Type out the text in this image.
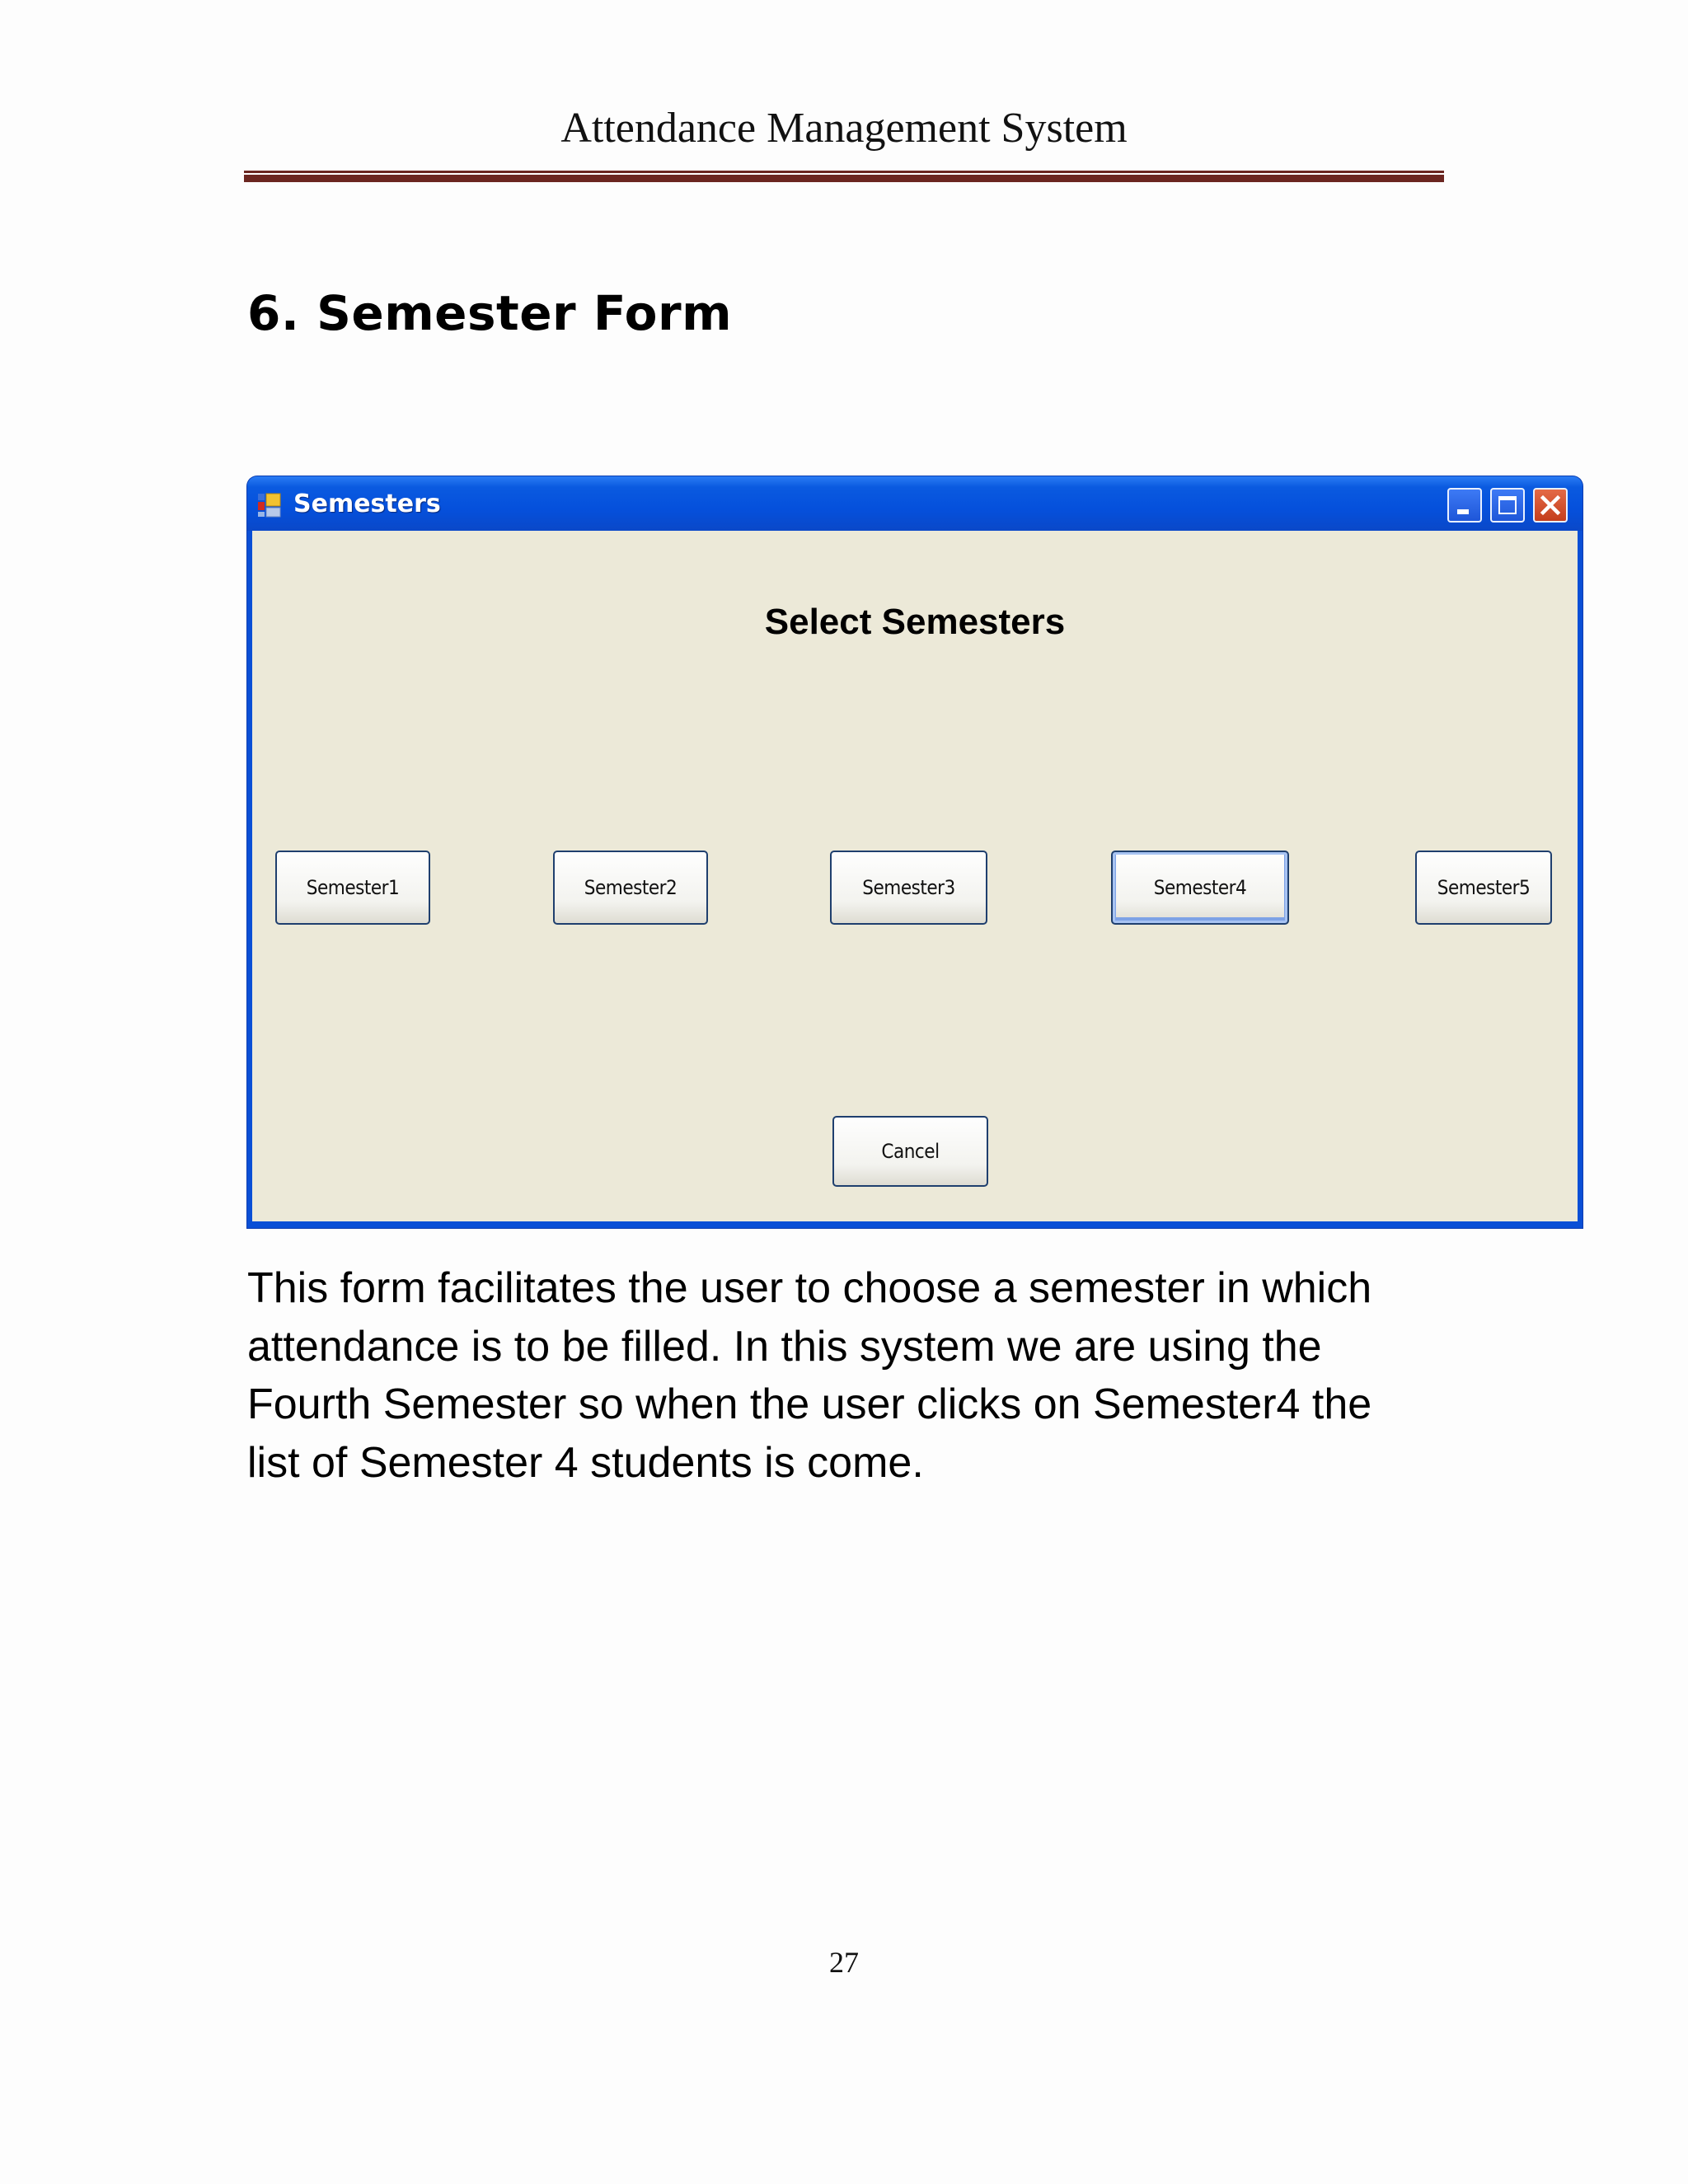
Attendance Management System
6. Semester Form
Semesters
Select Semesters
Semester1	Semester2	Semester3	Semester4	Semester5
Cancel
This form facilitates the user to choose a semester in which
attendance is to be filled. In this system we are using the
Fourth Semester so when the user clicks on Semester4 the
list of Semester 4 students is come.
27
